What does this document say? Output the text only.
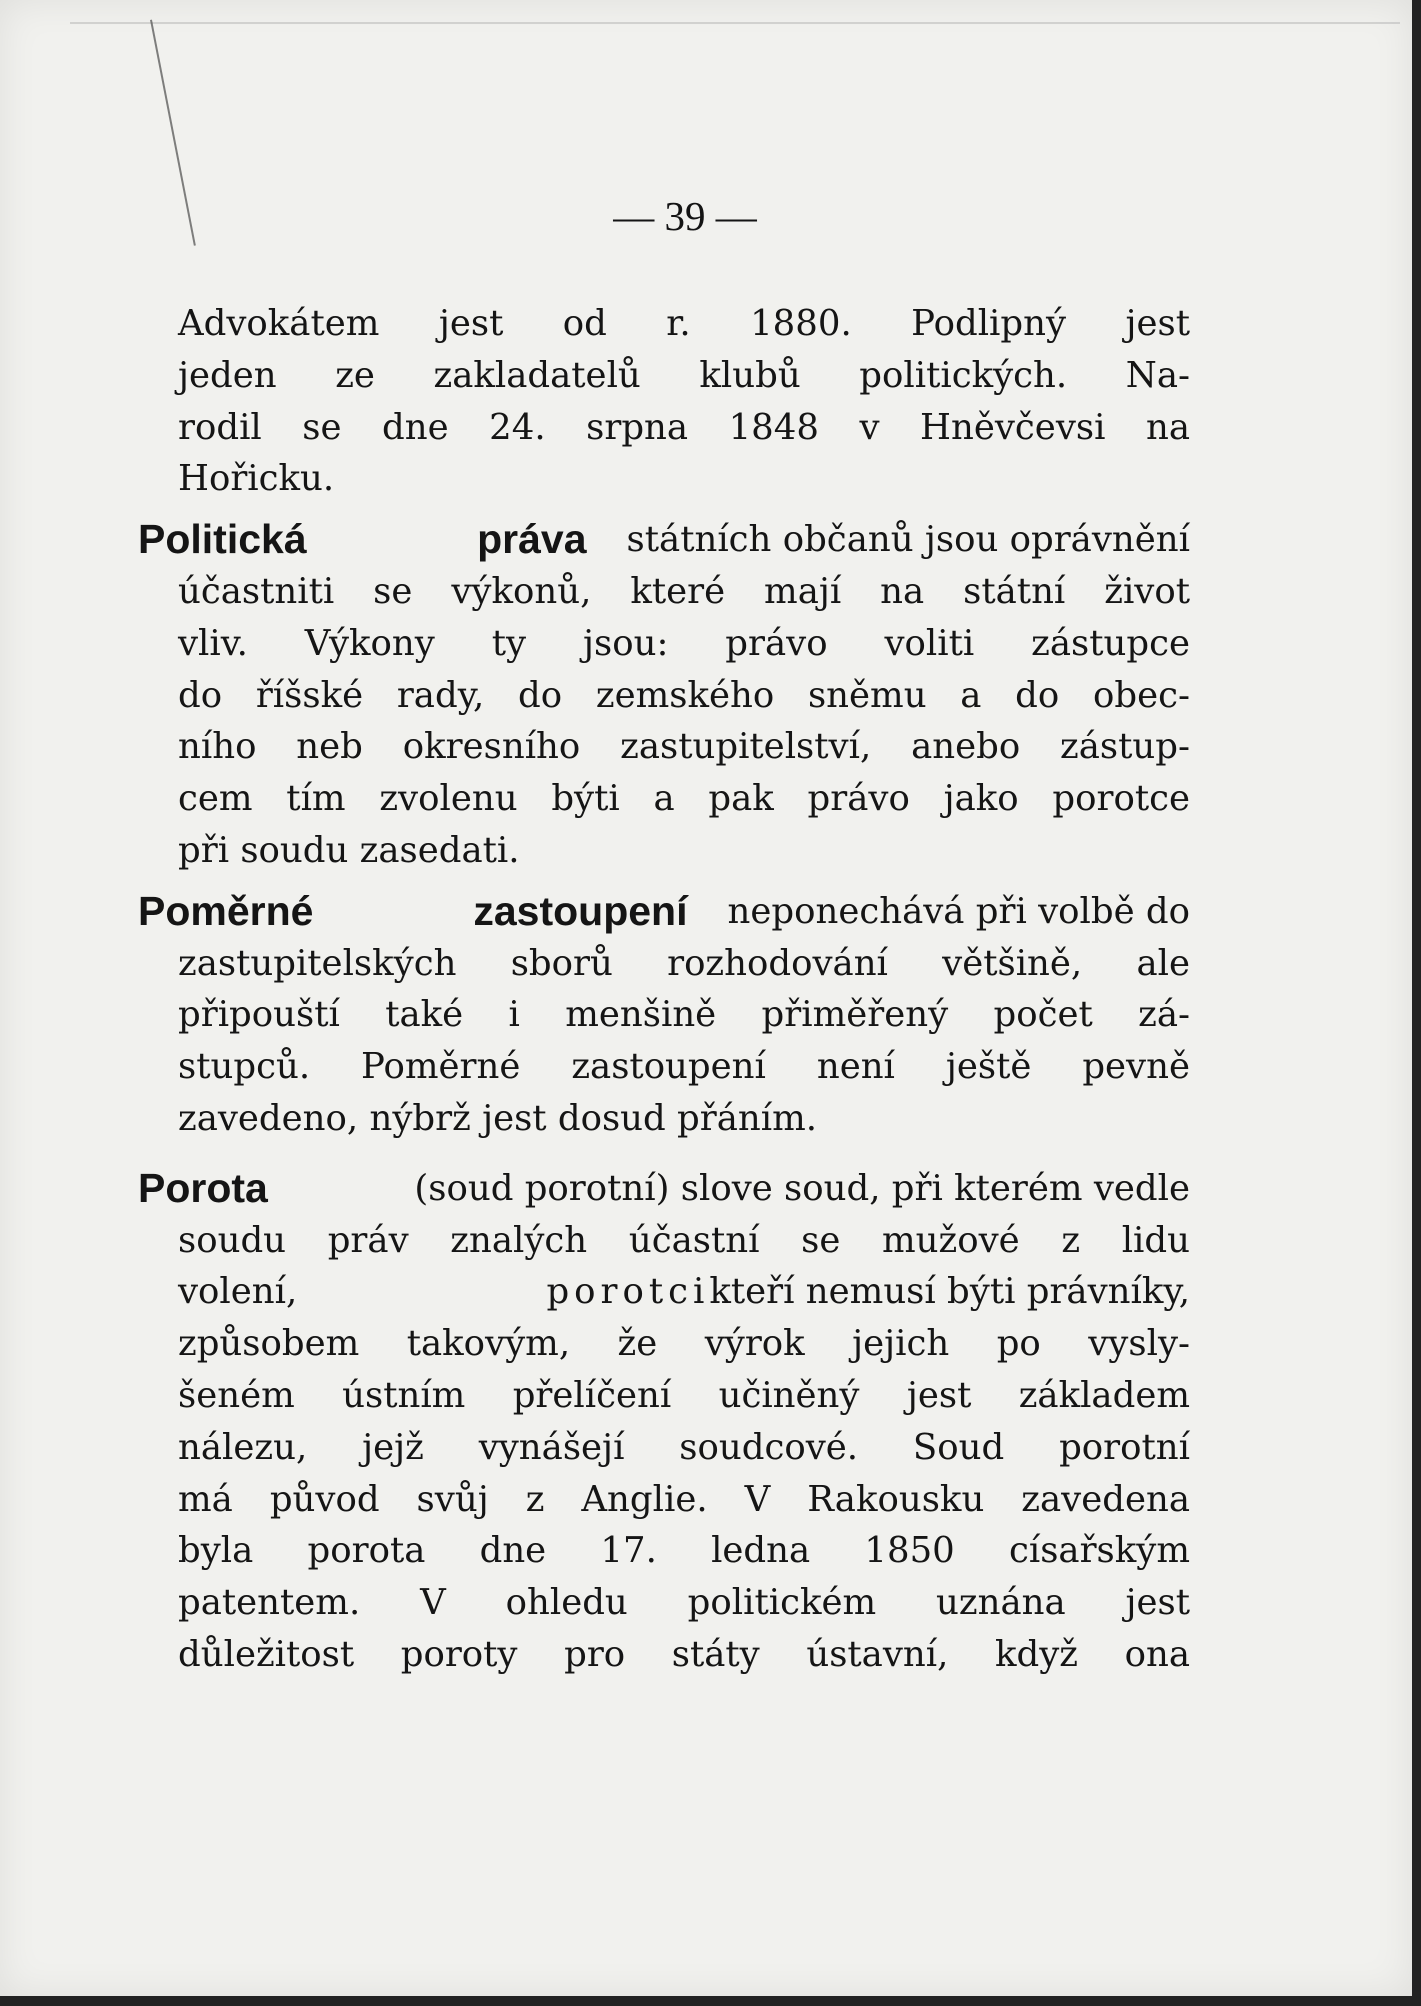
— 39 —
Advokátem jest od r. 1880. Podlipný jest
jeden ze zakladatelů klubů politických. Na-
rodil se dne 24. srpna 1848 v Hněvčevsi na
Hořicku.
Politická práva státních občanů jsou oprávnění
účastniti se výkonů, které mají na státní život
vliv. Výkony ty jsou: právo voliti zástupce
do říšské rady, do zemského sněmu a do obec-
ního neb okresního zastupitelství, anebo zástup-
cem tím zvolenu býti a pak právo jako porotce
při soudu zasedati.
Poměrné zastoupení neponechává při volbě do
zastupitelských sborů rozhodování většině, ale
připouští také i menšině přiměřený počet zá-
stupců. Poměrné zastoupení není ještě pevně
zavedeno, nýbrž jest dosud přáním.
Porota	(soud porotní) slove soud, při kterém vedle
soudu práv znalých účastní se mužové z lidu
volení,	porotci kteří nemusí býti právníky,
způsobem takovým, že výrok jejich po vysly-
šeném ústním přelíčení učiněný jest základem
nálezu, jejž vynášejí soudcové. Soud porotní
má původ svůj z Anglie. V Rakousku zavedena
byla porota dne 17. ledna 1850 císařským
patentem. V ohledu politickém uznána jest
důležitost poroty pro státy ústavní, když ona
